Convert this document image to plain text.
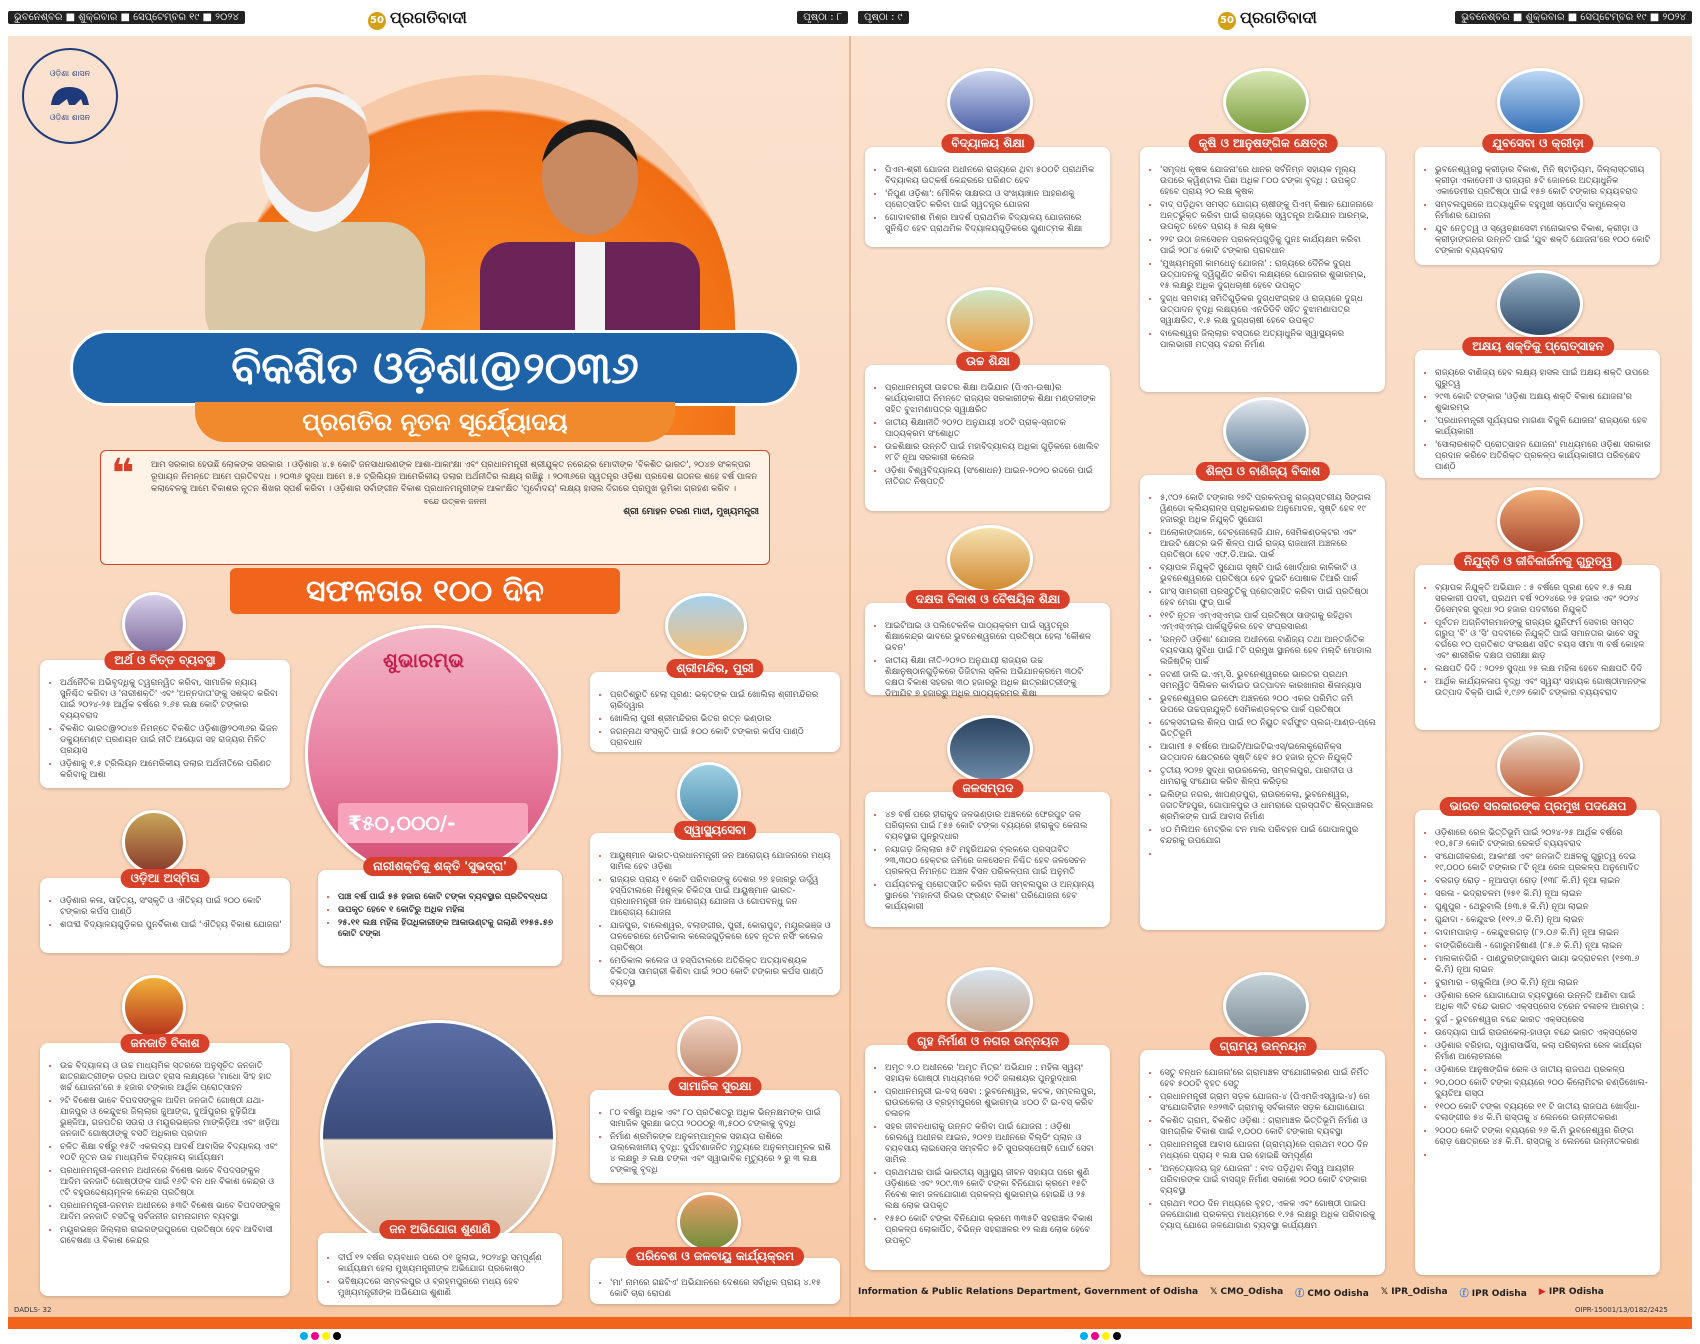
ଭୁବନେଶ୍ବର ■ ଶୁକ୍ରବାର ■ ସେପ୍ଟେମ୍ବର ୧୯ ■ ୨୦୨୪	50 ପ୍ରଗତିବାଦୀ	ପୃଷ୍ଠା : ୮	ପୃଷ୍ଠା : ୯	50 ପ୍ରଗତିବାଦୀ	ଭୁବନେଶ୍ବର ■ ଶୁକ୍ରବାର ■ ସେପ୍ଟେମ୍ବର ୧୯ ■ ୨୦୨୪
ଓଡ଼ିଶା ଶାସନ
ଓଡ଼ିଶା ଶାସନ
ବିକଶିତ ଓଡ଼ିଶା@୨୦୩୬
ପ୍ରଗତିର ନୂତନ ସୂର୍ଯ୍ୟୋଦୟ
❝ ଆମ ସରକାର ହେଉଛି ଲୋକଙ୍କ ସରକାର । ଓଡ଼ିଶାର ୪.୫ କୋଟି ଜନସାଧାରଣଙ୍କ ଆଶା-ଆକାଂକ୍ଷା ଏବଂ ପ୍ରଧାନମନ୍ତ୍ରୀ ଶ୍ରୀଯୁକ୍ତ ନରେନ୍ଦ୍ର ମୋଦୀଙ୍କ 'ବିକଶିତ ଭାରତ', ୨୦୪୭ ସଂକଳ୍ପର ରୂପାୟନ ନିମନ୍ତେ ଆମେ ପ୍ରତିବଦ୍ଧ । ୨୦୩୬ ସୁଦ୍ଧା ଆମେ ୫.୫ ଟ୍ରିଲିୟନ ଆମେରିକୀୟ ଡଲାର ଅର୍ଥନୀତିର ଲକ୍ଷ୍ୟ ରଖିଛୁ । ୨୦୩୬ରେ ସ୍ୱତନ୍ତ୍ର ଓଡ଼ିଶା ପ୍ରଦେଶ ଗଠନର ଶହେ ବର୍ଷ ପାଳନ କଲାବେଳକୁ ଆମେ ବିକାଶର ନୂତନ ଶିଖର ସ୍ପର୍ଶ କରିବା । ଓଡ଼ିଶାର ସର୍ବାଙ୍ଗୀନ ବିକାଶ ପ୍ରଧାନମନ୍ତ୍ରୀଙ୍କ ଆକାଂକ୍ଷିତ 'ପୂର୍ବୋଦୟ' ଲକ୍ଷ୍ୟ ହାସଲ ଦିଗରେ ପ୍ରମୁଖ ଭୂମିକା ଗ୍ରହଣ କରିବ ।
ବନ୍ଦେ ଉତ୍କଳ ଜନନୀ
ଶ୍ରୀ ମୋହନ ଚରଣ ମାଝୀ, ମୁଖ୍ୟମନ୍ତ୍ରୀ
ସଫଳତାର ୧୦୦ ଦିନ
• ଅର୍ଥନୈତିକ ଅଭିବୃଦ୍ଧିକୁ ତ୍ୱରାନ୍ୱିତ କରିବା, ସାମାଜିକ ନ୍ୟାୟ ସୁନିଶ୍ଚିତ କରିବା ଓ 'ନାରୀଶକ୍ତି' ଏବଂ 'ଅନ୍ନଦାତା'ଙ୍କୁ ସଶକ୍ତ କରିବା ପାଇଁ ୨୦୨୪-୨୫ ଆର୍ଥିକ ବର୍ଷରେ ୨.୬୫ ଲକ୍ଷ କୋଟି ଟଙ୍କାର ବ୍ୟୟବରାଦ
• ବିକଶିତ ଭାରତ@୨୦୪୭ ନିମନ୍ତେ ବିକଶିତ ଓଡ଼ିଶା@୨୦୩୬ର ଭିଜନ ଡକ୍ୟୁମେଣ୍ଟ ପ୍ରଣୟନ ପାଇଁ ନୀତି ଆୟୋଗ ସହ ରାଜ୍ୟର ମିଳିତ ପ୍ରୟାସ
• ଓଡ଼ିଶାକୁ ୧.୫ ଟ୍ରିଲିୟନ ଆମେରିକୀୟ ଡଲାର ଅର୍ଥନୀତିରେ ପରିଣତ କରିବାକୁ ଆଶା
ଅର୍ଥ ଓ ବିତ୍ତ ବ୍ୟବସ୍ଥା
• ଓଡ଼ିଶାର କଳା, ସାହିତ୍ୟ, ସଂସ୍କୃତି ଓ ଐତିହ୍ୟ ପାଇଁ ୨୦୦ କୋଟି ଟଙ୍କାର କର୍ପସ ପାଣ୍ଠି
• ଶତାବ୍ଦୀ ବିଦ୍ୟାଳୟଗୁଡ଼ିକର ପୁନର୍ବିକାଶ ପାଇଁ 'ଐତିହ୍ୟ ବିକାଶ ଯୋଜନା'
ଓଡ଼ିଆ ଅସ୍ମିତା
• ଉଚ୍ଚ ବିଦ୍ୟାଳୟ ଓ ଉଚ୍ଚ ମାଧ୍ୟମିକ ସ୍ତରରେ ଅନୁସୂଚିତ ଜନଜାତି ଛାତ୍ରଛାତ୍ରୀଙ୍କ ଡ୍ରପ ଆଉଟ ହ୍ରାସ ଲକ୍ଷ୍ୟରେ 'ମାଧୋ ସିଂହ ହାତ ଖର୍ଚ୍ଚ ଯୋଜନା'ରେ ୫ ହଜାର ଟଙ୍କାର ଆର୍ଥିକ ପ୍ରୋତ୍ସାହନ
• ୨ଟି ବିଶେଷ ଭାବେ ବିପଦସଙ୍କୁଳ ଆଦିମ ଜନଜାତି ଗୋଷ୍ଠୀ ଯଥା- ଯାଜପୁର ଓ କେନ୍ଦୁଝର ଜିଲ୍ଲାର ଜୁଆଙ୍ଗ, ଦୁଆଁପୁରର ବୁଢ଼ିଗିଆ ଭୁଞ୍ଜିଆ, ଗଜପତିର ସଉରା ଓ ମୟୂରଭଞ୍ଜର ମାଙ୍କିଡ଼ିଆ ଏବଂ ଖଡ଼ିଆ ଜନଜାତି ଗୋଷ୍ଠୀଙ୍କୁ ବସତି ଅଧିକାର ପ୍ରଦାନ
• ଚଳିତ ଶିକ୍ଷା ବର୍ଷରୁ ୧୫ଟି ଏକଲବ୍ୟ ଆଦର୍ଶ ଆବାସିକ ବିଦ୍ୟାଳୟ ଏବଂ ୧୦ଟି ନୂତନ ଉଚ୍ଚ ମାଧ୍ୟମିକ ବିଦ୍ୟାଳୟ କାର୍ଯ୍ୟକ୍ଷମ
• ପ୍ରଧାନମନ୍ତ୍ରୀ-ଜନମନ ଅଧୀନରେ ବିଶେଷ ଭାବେ ବିପଦସଙ୍କୁଳ ଆଦିମ ଜନଜାତି ଗୋଷ୍ଠୀଙ୍କ ପାଇଁ ୧୬ଟି ବନ ଧନ ବିକାଶ କେନ୍ଦ୍ର ଓ ୯ଟି ବହୁଉଦ୍ଦେଶ୍ୟମୂଳକ କେନ୍ଦ୍ର ପ୍ରତିଷ୍ଠା
• ପ୍ରଧାନମନ୍ତ୍ରୀ-ଜନମନ ଅଧୀନରେ ୫୩ଟି ବିଶେଷ ଭାବେ ବିପଦସଙ୍କୁଳ ଆଦିମ ଜନଜାତି ବସତିକୁ ସର୍ବଜନୀନ ଗମନାଗମନ ବ୍ୟବସ୍ଥା
• ମୟୂରଭଞ୍ଜ ଜିଲ୍ଲାର ରାଇରଙ୍ଗପୁରରେ ପ୍ରତିଷ୍ଠା ହେବ ଆଦିବାସୀ ଗବେଷଣା ଓ ବିକାଶ କେନ୍ଦ୍ର
ଜନଜାତି ବିକାଶ
ଶୁଭାରମ୍ଭ
₹୫୦,୦୦୦/-
• ପାଞ୍ଚ ବର୍ଷ ପାଇଁ ୫୫ ହଜାର କୋଟି ଟଙ୍କା ବ୍ୟବସ୍ଥାର ପ୍ରତିବଦ୍ଧତା
• ଉପକୃତ ହେବେ ୧ କୋଟିରୁ ଅଧିକ ମହିଳା
• ୨୫.୧୧ ଲକ୍ଷ ମହିଳା ହିତାଧିକାରୀଙ୍କ ଆକାଉଣ୍ଟକୁ ଗଲାଣି ୧୨୫୫.୫୭ କୋଟି ଟଙ୍କା
ନାରୀଶକ୍ତିକୁ ଶକ୍ତି 'ସୁଭଦ୍ରା'
• ଦୀର୍ଘ ୧୨ ବର୍ଷର ବ୍ୟବଧାନ ପରେ ୦୧ ଜୁଲାଇ, ୨୦୨୪ରୁ ସମ୍ପୂର୍ଣ୍ଣ କାର୍ଯ୍ୟକ୍ଷମ ହେଲା ମୁଖ୍ୟମନ୍ତ୍ରୀଙ୍କ ଅଭିଯୋଗ ପ୍ରକୋଷ୍ଠ
• ଭବିଷ୍ୟତରେ ସମ୍ବଲପୁର ଓ ବ୍ରହ୍ମପୁରରେ ମଧ୍ୟ ହେବ ମୁଖ୍ୟମନ୍ତ୍ରୀଙ୍କ ଅଭିଯୋଗ ଶୁଣାଣି
ଜନ ଅଭିଯୋଗ ଶୁଣାଣି
• ପ୍ରତିଶ୍ରୁତି ହେଲା ପୂରଣ: ଭକ୍ତଙ୍କ ପାଇଁ ଖୋଲିଲା ଶ୍ରୀମନ୍ଦିରର ଚାରିଦ୍ୱାର
• ଖୋଲିଲା ପୁରୀ ଶ୍ରୀମନ୍ଦିରର ଭିତର ରତ୍ନ ଭଣ୍ଡାର
• ଜଗନ୍ନାଥ ସଂସ୍କୃତି ପାଇଁ ୫୦୦ କୋଟି ଟଙ୍କାର କର୍ପସ ପାଣ୍ଠି ପ୍ରାବଧାନ
ଶ୍ରୀମନ୍ଦିର, ପୁରୀ
• ଆୟୁଷ୍ମାନ ଭାରତ-ପ୍ରଧାନମନ୍ତ୍ରୀ ଜନ ଆରୋଗ୍ୟ ଯୋଜନାରେ ମଧ୍ୟ ସାମିଲ ହେବ ଓଡ଼ିଶା
• ରାଜ୍ୟର ପ୍ରାୟ ୧ କୋଟି ପରିବାରଙ୍କୁ ଦେଶର ୨୭ ହଜାରରୁ ଊର୍ଦ୍ଧ୍ୱ ହସ୍ପିଟାଲରେ ନିଃଶୁଳ୍କ ଚିକିତ୍ସା ପାଇଁ ଆୟୁଷ୍ମାନ ଭାରତ-ପ୍ରଧାନମନ୍ତ୍ରୀ ଜନ ଆରୋଗ୍ୟ ଯୋଜନା ଓ ଗୋପବନ୍ଧୁ ଜନ ଆରୋଗ୍ୟ ଯୋଜନା
• ଯାଜପୁର, ବାଲେଶ୍ୱର, ବଲାଙ୍ଗୀର, ପୁରୀ, କୋରାପୁଟ, ମୟୂରଭଞ୍ଜ ଓ ତାଳଚେରରେ ମେଡିକାଲ କଲେଜଗୁଡ଼ିକରେ ହେବ ନୂତନ ନର୍ସିଂ କଲେଜ ପ୍ରତିଷ୍ଠା
• ମେଡିକାଲ କଲେଜ ଓ ହସ୍ପିଟାଲରେ ଅତିରିକ୍ତ ଅତ୍ୟାବଶ୍ୟକ ଚିକିତ୍ସା ସାମଗ୍ରୀ କିଣିବା ପାଇଁ ୨୦୦ କୋଟି ଟଙ୍କାର କର୍ପସ ପାଣ୍ଠି ବ୍ୟବସ୍ଥା
ସ୍ୱାସ୍ଥ୍ୟସେବା
• ୮୦ ବର୍ଷରୁ ଅଧିକ ଏବଂ ୮୦ ପ୍ରତିଶତରୁ ଅଧିକ ଭିନ୍ନକ୍ଷମଙ୍କ ପାଇଁ ସାମାଜିକ ସୁରକ୍ଷା ଭତ୍ତା ୨୦୦୦ରୁ ୩,୫୦୦ ଟଙ୍କାକୁ ବୃଦ୍ଧି
• ନିର୍ମାଣ ଶ୍ରମିକଙ୍କ ଅନୁକମ୍ପାମୂଳକ ସହାୟତା ରାଶିରେ ଉଲ୍ଲେଖନୀୟ ବୃଦ୍ଧି: ଦୁର୍ଘଟଣାଜନିତ ମୃତ୍ୟୁରେ ଅନୁକମ୍ପାମୂଳକ ରାଶି ୪ ଲକ୍ଷରୁ ୬ ଲକ୍ଷ ଟଙ୍କା ଏବଂ ସ୍ୱାଭାବିକ ମୃତ୍ୟୁରେ ୨ ରୁ ୩ ଲକ୍ଷ ଟଙ୍କାକୁ ବୃଦ୍ଧି
ସାମାଜିକ ସୁରକ୍ଷା
• 'ମା' ନାମରେ ଗଛଟିଏ' ଅଭିଯାନରେ ଦେଶରେ ସର୍ବାଧିକ ପ୍ରାୟ ୪.୧୫ କୋଟି ଚାରା ରୋପଣ
ପରିବେଶ ଓ ଜଳବାୟୁ କାର୍ଯ୍ୟକ୍ରମ
• ପିଏମ-ଶ୍ରୀ ଯୋଜନା ଅଧୀନରେ ରାଜ୍ୟରେ ଥିବା ୫୦୦ଟି ପ୍ରାଥମିକ ବିଦ୍ୟାଳୟ ଉତ୍କର୍ଷ କେନ୍ଦ୍ରରେ ପରିଣତ ହେବ
• 'ନିପୁଣ ଓଡ଼ିଶା': ମୌଳିକ ସାକ୍ଷରତା ଓ ସଂଖ୍ୟାଜ୍ଞାନ ଆହରଣକୁ ପ୍ରୋତ୍ସାହିତ କରିବା ପାଇଁ ସ୍ୱତନ୍ତ୍ର ଯୋଜନା
• ଗୋଦାବରୀଶ ମିଶ୍ର ଆଦର୍ଶ ପ୍ରାଥମିକ ବିଦ୍ୟାଳୟ ଯୋଜନାରେ ସୁନିଶ୍ଚିତ ହେବ ପ୍ରାଥମିକ ବିଦ୍ୟାଳୟଗୁଡ଼ିକରେ ଗୁଣାତ୍ମକ ଶିକ୍ଷା
ବିଦ୍ୟାଳୟ ଶିକ୍ଷା
• ପ୍ରଧାନମନ୍ତ୍ରୀ ଉଚ୍ଚତର ଶିକ୍ଷା ଅଭିଯାନ (ପିଏମ-ଉଷା)ର କାର୍ଯ୍ୟକାରୀତା ନିମନ୍ତେ ରାଜ୍ୟର ସରକାରୀଙ୍କ ଶିକ୍ଷା ମଣ୍ଡଳୀଙ୍କ ସହିତ ବୁଝାମଣାପତ୍ର ସ୍ୱାକ୍ଷରିତ
• ଜାତୀୟ ଶିକ୍ଷାନୀତି ୨୦୨୦ ଅନୁଯାୟୀ ୪୦ଟି ପ୍ରାକ୍-ସ୍ନାତକ ପାଠ୍ୟକ୍ରମ ସଂଶୋଧିତ
• ଉଚ୍ଚଶିକ୍ଷାର ଉନ୍ନତି ପାଇଁ ମହାବିଦ୍ୟାଳୟ ଅଧିକା ଗୁଡ଼ିକରେ ଖୋଲିବ ୧୮ଟି ନୂଆ ସରକାରୀ କଲେଜ
• ଓଡ଼ିଶା ବିଶ୍ୱବିଦ୍ୟାଳୟ (ସଂଶୋଧନ) ଆଇନ-୨୦୨୦ ରଦ୍ଦରେ ପାଇଁ ନୀତିଗତ ନିଷ୍ପତ୍ତି
ଉଚ୍ଚ ଶିକ୍ଷା
• ଆଇଟିଆଇ ଓ ପଲିଟେକନିକ ପାଠ୍ୟକ୍ରମ ପାଇଁ ସ୍ୱତନ୍ତ୍ର ଶିକ୍ଷାକେନ୍ଦ୍ର ଭାବରେ ଭୁବନେଶ୍ୱରରେ ପ୍ରତିଷ୍ଠା ହେଲା 'କୌଶଳ ଭବନ'
• ଜାତୀୟ ଶିକ୍ଷା ନୀତି-୨୦୨୦ ଅନୁଯାୟୀ ରାଜ୍ୟର ଉଚ୍ଚ ଶିକ୍ଷାନୁଷ୍ଠାନଗୁଡ଼ିକରେ ଡିଜିଟାଲ ସ୍କିଲ ଅଭିଯାନକ୍ରମେ ୩୦ଟି ଦକ୍ଷତା ବିକାଶ ସହରର ୩୦ ହଜାରରୁ ଅଧିକ ଛାତ୍ରଛାତ୍ରୀଙ୍କୁ ଡିଆଯିବ ୭ ହଜାରରୁ ଅଧିକ ପାଠ୍ୟକ୍ରମର ଶିକ୍ଷା
ଦକ୍ଷତା ବିକାଶ ଓ ବୈଷୟିକ ଶିକ୍ଷା
• ୪୭ ବର୍ଷ ପରେ ହୀରାକୁଦ ଜଳଭଣ୍ଡାର ଅଞ୍ଚଳରେ ଫେରପୁଟ ଜଳ ପରିଚାଳନା ପାଇଁ ୮୫୫ କୋଟି ଟଙ୍କା ବ୍ୟୟରେ ହୀରାକୁଦ କେନାଲ ବ୍ୟବସ୍ଥାର ପୁନରୁଦ୍ଧାର
• ନୟାଗଡ଼ ଜିଲ୍ଲାର ୫ଟି ମହୁରିଅନ୍ଦର ବ୍ଲକରେ ପ୍ରସ୍ତାବିତ ୨୩,୩୦୦ ହେକ୍ଟର ଜମିରେ ଜଳସେଚନ ନିଶ୍ଚିତ ହେବ ଜଳସେଚନ ପ୍ରକଳ୍ପ ନିମନ୍ତେ ଅଞ୍ଚଳ ବିସନ ପରିକଳ୍ପନା ପାଇଁ ଅନୁମତି
• ପର୍ଯ୍ୟଟନକୁ ପ୍ରୋତ୍ସାହିତ କରିବା ଲାଗି ସମ୍ବଲପୁର ଓ ଅନ୍ୟାନ୍ୟ ସ୍ଥାନରେ 'ମହାନଦୀ ରିଭର ଫ୍ରଣ୍ଟ ବିକାଶ' ପରିଯୋଜନା ହେବ କାର୍ଯ୍ୟକାରୀ
ଜଳସମ୍ପଦ
• ଅମୃତ ୨.୦ ଅଧୀନରେ 'ଅମୃତ ମିତ୍ର' ଅଭିଯାନ : ମହିଳା ସ୍ୱୟଂ ସହାୟକ ଗୋଷ୍ଠୀ ମାଧ୍ୟମରେ ୨୦ଟି ଜଳାଶୟର ପୁନରୁଦ୍ଧାର
• ପ୍ରଧାନମନ୍ତ୍ରୀ ଇ-ବସ୍ ସେବା : ଭୁବନେଶ୍ୱର, କଟକ, ସମ୍ବଲପୁର, ରାଉରକେଲା ଓ ବ୍ରହ୍ମପୁରରେ ଶୁଭାରମ୍ଭ ୪୦୦ ଟି ଇ-ବସ୍ କରିବ ଚଳାଚଳ
• ସହର ଜୀବନଧାରାକୁ ଉନ୍ନତ କରିବା ପାଇଁ ଯୋଜନା : ଓଡ଼ିଶା ରେଲୱେ ଅଧୀନର ଆଇନ, ୨୦୧୭ ଅଧୀନରେ ବିଲ୍ଡିଂ ପ୍ଲାନ ଓ ବ୍ୟବସାୟ ଲାଇସେନ୍ସ ସମ୍ବଳିତ ୫ଟି ସୁପରସ୍ପେଷ୍ଟି ପୋର୍ଟ ସେବା ସାମିଲ
• ପ୍ରଥମଥର ପାଇଁ ଭାରତୀୟ ସ୍ୱାସ୍ଥ୍ୟ ଜୀବନ ସହାୟତା ପରେ ଶୁଣି ଓଡ଼ିଶାରେ ଏବଂ ୨୦୯.୩୨ କୋଟି ଟଙ୍କା ବିନିଯୋଗ କ୍ରମେ ୧୫ଟି ନିବେଶ କାମ ଜଳଯୋଗାଣ ପ୍ରକଳ୍ପ ଶୁଭାରମ୍ଭ ହୋଇଛି ଓ ୨୫ ଲକ୍ଷ ଲୋକ ଉପକୃତ
• ୧୫୫୦ କୋଟି ଟଙ୍କା ବିନିଯୋଗ କ୍ରମେ ୩୩୫ଟି ସହରାଞ୍ଚଳ ବିକାଶ ପ୍ରକଳ୍ପ ଲୋକାର୍ପିତ, ବିଭିନ୍ନ ସହରାଞ୍ଚଳର ୧୨ ଲକ୍ଷ ଲୋକ ହେବେ ଉପକୃତ
ଗୃହ ନିର୍ମାଣ ଓ ନଗର ଉନ୍ନୟନ
• 'ସମୃଦ୍ଧ କୃଷକ ଯୋଜନା'ରେ ଧାନର ସର୍ବନିମ୍ନ ସହାୟକ ମୂଲ୍ୟ ଉପରେ କ୍ୱିଣ୍ଟାଲ ପିଛା ଅଧିକ ୮୦୦ ଟଙ୍କା ବୃଦ୍ଧି : ଉପକୃତ ହେବେ ପ୍ରାୟ ୨୦ ଲକ୍ଷ କୃଷକ
• ବାଦ୍ ପଡ଼ିଥିବା ସମସ୍ତ ଯୋଗ୍ୟ ଚାଷୀଙ୍କୁ ପିଏମ୍ କିଷାନ ଯୋଜନାରେ ଅନ୍ତର୍ଭୁକ୍ତ କରିବା ପାଇଁ ରାଜ୍ୟରେ ସ୍ୱତନ୍ତ୍ର ଅଭିଯାନ ଆରମ୍ଭ, ଉପକୃତ ହେବେ ପ୍ରାୟ ୫ ଲକ୍ଷ କୃଷକ
• ୨୨ଟ ଉଠା ଜଳସେଚନ ପ୍ରକଳ୍ପଗୁଡ଼ିକୁ ପୁନଃ କାର୍ଯ୍ୟକ୍ଷମ କରିବା ପାଇଁ ୨୦୮୪ କୋଟି ଟଙ୍କାର ପ୍ରାବଧାନ
• 'ମୁଖ୍ୟମନ୍ତ୍ରୀ କାମଧେନୁ ଯୋଜନା' : ରାଜ୍ୟରେ ଦୈନିକ ଦୁଗ୍ଧ ଉତ୍ପାଦନକୁ ଦ୍ୱିଗୁଣିତ କରିବା ଲକ୍ଷ୍ୟରେ ଯୋଜନାର ଶୁଭାରମ୍ଭ, ୧୫ ଲକ୍ଷରୁ ଅଧିକ ଦୁଗ୍ଧଚାଷୀ ହେବେ ଉପକୃତ
• ଦୁଗ୍ଧ ସମବାୟ ସମିତିଗୁଡ଼ିକର ଦୁଗ୍ଧସଂଗ୍ରହ ଓ ରାଜ୍ୟରେ ଦୁଗ୍ଧ ଉତ୍ପାଦନ ବୃଦ୍ଧି ଲକ୍ଷ୍ୟରେ ଏନଡିଡିବି ସହିତ ବୁଝାମଣାପତ୍ର ସ୍ୱାକ୍ଷରିତ, ୧.୫ ଲକ୍ଷ ଦୁଗ୍ଧଚାଷୀ ହେବେ ଉପକୃତ
• ବାଲେଶ୍ୱର ଜିଲ୍ଲାର ବସ୍ତାରେ ଅତ୍ୟାଧୁନିକ ସ୍ୱାସ୍ଥ୍ୟକର ପାଲଭାରୀ ମତ୍ସ୍ୟ ବନ୍ଦର ନିର୍ମାଣ
କୃଷି ଓ ଆନୁଷଙ୍ଗିକ କ୍ଷେତ୍ର
• ୫,୯୦୨ କୋଟି ଟଙ୍କାର ୨୭ଟି ପ୍ରକଳ୍ପକୁ ରାଜ୍ୟସ୍ତରୀୟ ସିଙ୍ଗଲ ୱିଣ୍ଡୋ କ୍ଲିୟରାନ୍ସ ପ୍ରାଧିକରଣର ଅନୁମୋଦନ, ସୃଷ୍ଟି ହେବ ୧୯ ହଜାରରୁ ଅଧିକ ନିଯୁକ୍ତି ସୁଯୋଗ
• ଅଲୋକାଙ୍ଗାଳେ, ଟେଚ୍ନୋଲୋଜି ଯାନ, ସେମିକଣ୍ଡକ୍ଟର ଏବଂ ଆଉଟି କ୍ଷେତ୍ର ଭଳି ଶିଳ୍ପ ପାଇଁ ରାଜ୍ୟ ରାଜଧାନୀ ଅଞ୍ଚଳରେ ପ୍ରତିଷ୍ଠା ହେବ ଏଫ୍.ଡି.ଆଇ. ପାର୍କ
• ବ୍ୟାପକ ନିଯୁକ୍ତି ସୁଯୋଗ ସୃଷ୍ଟି ପାଇଁ ଖୋର୍ଦ୍ଧାର କାଳିକାଟି ଓ ଭୁବନେଶ୍ୱରରେ ପ୍ରତିଷ୍ଠା ହେବ ଦୁଇଟି ପୋଷାକ ତିଆରି ପାର୍କ
• ଗାଂସ୍ ସାମଗ୍ରୀ ପ୍ରସ୍ତୁତିକୁ ପ୍ରୋତ୍ସାହିତ କରିବା ପାଇଁ ପ୍ରତିଷ୍ଠା ହେବ ମେଗା ଫୁଡ୍ ପାର୍କ
• ୧୧ଟି ନୂତନ ଏମ୍‌ଏସ୍‌ଏମ୍‌ଇ ପାର୍କ ପ୍ରତିଷ୍ଠା ସାଙ୍ଗକୁ ରହିଥିବା ଏମ୍‌ଏସ୍‌ଏମ୍‌ଇ ପାର୍କଗୁଡ଼ିକର ହେବ ସଂପ୍ରସାରଣ
• 'ଉନ୍ନତି ଓଡ଼ିଶା' ଯୋଜନା ଅଧୀନରେ ବାଣିଜ୍ୟ ତଥା ଆନ୍ତର୍ଜାତିକ ବ୍ୟବସାୟ ସୁବିଧା ପାଇଁ ୮ଟି ପ୍ରମୁଖ ସ୍ଥାନରେ ହେବ ମଲ୍ଟି ମୋଡାଲ ଲଜିଷ୍ଟିକ୍ ପାର୍କ
• ଜଟଣୀ ଡାଲି ଇ.ଏମ୍.ସି. ଭୁବନେଶ୍ୱରରେ ଭାରତର ପ୍ରଥମ ସମନ୍ୱିତ ସିଲିକନ କାର୍ବାଇଡ ଉତ୍ପାଦନ କାରଖାନାର ଶିଳାନ୍ୟାସ
• ଭୁବନେଶ୍ୱରର ଇନଫୋ ଅଞ୍ଚଳରେ ୨୦୦ ଏକର ପରିମିତ ଜମି ଉପରେ ଉଚ୍ଚପ୍ରଯୁକ୍ତି ସେମିକଣ୍ଡକ୍ଟର ପାର୍କ ପ୍ରତିଷ୍ଠା
• ଟେକ୍ସଟାଇଲ ଶିଳ୍ପ ପାଇଁ ୧୦ ନିୟୁତ ବର୍ଗଫୁଟ ପ୍ଲଗ୍-ଆଣ୍ଡ-ପ୍ଲେ ଭିତ୍ତିଭୂମି
• ଆଗାମୀ ୫ ବର୍ଷରେ ଆଇଟି/ଆଇଟିଇଏସ୍/ଇଲେକ୍ଟ୍ରୋନିକ୍ସ ଉତ୍ପାଦନ କ୍ଷେତ୍ରରେ ସୃଷ୍ଟି ହେବ ୫୦ ହଜାର ନୂତନ ନିଯୁକ୍ତି
• ତୃତୀୟ ୨୦୨୭ ସୁଦ୍ଧା ରାଉରକେଲା, ସମ୍ବଲପୁର, ପାରାଦୀପ ଓ ଧାମରାକୁ ସଂଯୋଗ କରିବ ଶିଳ୍ପ କରିଡ଼ର
• ଇଲିଙ୍ଗ ନଗର, ଖାପଣ୍ଡପୁରା, ରାଉରକେଲା, ଭୁବନେଶ୍ୱର, ଜଗତସିଂହପୁର, ଗୋପାଳପୁର ଓ ଧାମରାରେ ପ୍ରସ୍ତାବିତ ଶିଳ୍ପାଞ୍ଚଳର ଶ୍ରମିକଙ୍କ ପାଇଁ ଆବାସ ନିର୍ମାଣ
• ୪୦ ମିଲିଅନ ମେଟ୍ରିକ ଟନ ମାଲ ପରିବହନ ପାଇଁ ଗୋପାଳପୁର ବନ୍ଦରକୁ ଉପଯୋଗ
•
ଶିଳ୍ପ ଓ ବାଣିଜ୍ୟ ବିକାଶ
• ସେତୁ ବନ୍ଧନ ଯୋଜନା'ରେ ଗ୍ରାମାଞ୍ଚଳ ସଂଯୋଗୀକରଣ ପାଇଁ ନିର୍ମିତ ହେବ ୫୦୦ଟି ବୃହତ ସେତୁ
• ପ୍ରଧାନମନ୍ତ୍ରୀ ଗ୍ରାମ ସଡ଼କ ଯୋଜନା-୪ (ପିଏମଜିଏସୱାଇ-୪) ରେ ସଂଯୋଗବିହୀନ ୧୬୨୩ଟି ଗ୍ରାମକୁ ସର୍ବକାଳୀନ ସଡ଼କ ଯୋଗାଯୋଗ
• ବିକଶିତ ଗ୍ରାମ, ବିକଶିତ ଓଡ଼ିଶା : ଗ୍ରାମାଞ୍ଚଳ ଭିତ୍ତିଭୂମି ନିର୍ମାଣ ଓ ସାମଗ୍ରିକ ବିକାଶ ପାଇଁ ୧,୦୦୦ କୋଟି ଟଙ୍କାର ବ୍ୟବସ୍ଥା
• ପ୍ରଧାନମନ୍ତ୍ରୀ ଆବାସ ଯୋଜନା (ଗ୍ରାମ୍ୟ)ରେ ପ୍ରଥମ ୧୦୦ ଦିନ ମଧ୍ୟରେ ପ୍ରାୟ ୧ ଲକ୍ଷ ଘର ହୋଇଛି ସମ୍ପୂର୍ଣ୍ଣ
• 'ଅନ୍ତ୍ୟୋଦୟ ଗୃହ ଯୋଜନା' : ବାଦ ପଡ଼ିଥିବା ନିସ୍ୱ ଆୟହୀନ ପରିବାରଙ୍କ ପାଇଁ ବାସଗୃହ ନିର୍ମାଣ ସକାଶେ ୨୦୦ କୋଟି ଟଙ୍କାର ବ୍ୟବସ୍ଥା
• ପ୍ରଥମ ୧୦୦ ଦିନ ମଧ୍ୟରେ ବୃହତ, ଏକକ ଏବଂ ଗୋଷ୍ଠୀ ପାଇପ ଜଳଯୋଗାଣ ପ୍ରକଳ୍ପ ମାଧ୍ୟମରେ ୧.୨୫ ଲକ୍ଷରୁ ଅଧିକ ପରିବାରକୁ ଟ୍ୟାପ୍ ଯୋଗେ ଜଳଯୋଗାଣ ବ୍ୟବସ୍ଥା କାର୍ଯ୍ୟକ୍ଷମ
ଗ୍ରାମ୍ୟ ଉନ୍ନୟନ
• ଭୁବନେଶ୍ୱରସ୍ଥ କ୍ରୀଡ଼ାର ବିକାଶ, ମିନି ଷ୍ଟାଡ଼ିୟମ, ଜିଲ୍ଲାସ୍ତରୀୟ କ୍ରୀଡ଼ା ଏକାଡେମୀ ଓ ରାଜ୍ୟର ୫ଟି ଜୋନରେ ଅତ୍ୟାଧୁନିକ ଏକାଡେମୀର ପ୍ରତିଷ୍ଠା ପାଇଁ ୧୫୭ କୋଟି ଟଙ୍କାର ବ୍ୟୟବରାଦ
• ସମ୍ବଲପୁରରେ ଅତ୍ୟାଧୁନିକ ବହୁମୁଖୀ ସ୍ପୋର୍ଟ୍ସ କମ୍ପ୍ଲେକ୍ସ ନିର୍ମାଣର ଯୋଜନା
• ଯୁବ ନେତୃତ୍ୱ ଓ ସ୍ୱେଚ୍ଛାସେବୀ ମନୋଭାବର ବିକାଶ, କ୍ରୀଡ଼ା ଓ କ୍ରୀଡ଼ାଙ୍ଗନର ଉନ୍ନତି ପାଇଁ 'ଯୁବ ଶକ୍ତି ଯୋଜନା'ରେ ୧୦୦ କୋଟି ଟଙ୍କାର ବ୍ୟୟବରାଦ
ଯୁବସେବା ଓ କ୍ରୀଡ଼ା
• ରାଜ୍ୟରେ ବାଣିଜ୍ୟ ହେବ ଲକ୍ଷ୍ୟ ହାସଲ ପାଇଁ ଅକ୍ଷୟ ଶକ୍ତି ଉପରେ ଗୁରୁତ୍ୱ
• ୨୯୩ କୋଟି ଟଙ୍କାର 'ଓଡ଼ିଶା ଅକ୍ଷୟ ଶକ୍ତି ବିକାଶ ଯୋଜନା'ର ଶୁଭାରମ୍ଭ
• 'ପ୍ରଧାନମନ୍ତ୍ରୀ ସୂର୍ଯ୍ୟଘର ମାଗଣା ବିଜୁଳି ଯୋଜନା' ରାଜ୍ୟରେ ହେବ କାର୍ଯ୍ୟକାରୀ
• 'ସୋଲାରଶକ୍ତି ପ୍ରୋତ୍ସାହନ ଯୋଜନା' ମାଧ୍ୟମରେ ଓଡ଼ିଶା ସରକାର ପ୍ରଦାନ କରିବେ ଅତିରିକ୍ତ ପ୍ରକଳ୍ପ କାର୍ଯ୍ୟକାରୀତା ପରିଚ୍ଛେଦ ପାଣ୍ଠି
ଅକ୍ଷୟ ଶକ୍ତିକୁ ପ୍ରୋତ୍ସାହନ
• ବ୍ୟାପକ ନିଯୁକ୍ତି ଅଭିଯାନ : ୫ ବର୍ଷରେ ପୂରଣ ହେବ ୧.୫ ଲକ୍ଷ ସରକାରୀ ପଦବୀ, ପ୍ରଥମ ବର୍ଷ ୨୦୨୪ରେ ୨୫ ହଜାର ଏବଂ ୨୦୨୪ ଡିସେମ୍ବର ସୁଦ୍ଧା ୨୦ ହଜାର ପଦବୀରେ ନିଯୁକ୍ତି
• ପୂର୍ବତନ ଅଗ୍ନିବୀରମାନଙ୍କୁ ରାଜ୍ୟର ୟୁନିଫର୍ମ ସେବାର ସମସ୍ତ ଗ୍ରୁପ୍ 'ବି' ଓ 'ସି' ପଦବୀରେ ନିଯୁକ୍ତି ପାଇଁ ସମାନତାର ଭାବେ ସବୁ ବର୍ଗରେ ୧୦ ପ୍ରତିଶତ ସଂରକ୍ଷଣ ସହିତ ବୟସ ସୀମା ୩ ବର୍ଷ କୋହଳ ଏବଂ ଶାରୀରିକ ଦକ୍ଷତା ପରୀକ୍ଷା ଛାଡ଼
• ଲକ୍ଷପତି ଦିଦି : ୨୦୨୭ ସୁଦ୍ଧା ୨୫ ଲକ୍ଷ ମହିଳା ହେବେ ଲକ୍ଷପତି ଦିଦି
• ଆର୍ଥିକ କାର୍ଯ୍ୟକଳାପ ବୃଦ୍ଧି ଏବଂ ସ୍ୱୟଂ ସହାୟକ ଗୋଷ୍ଠୀମାନଙ୍କ ଉତ୍ପାଦ ବିକ୍ରି ପାଇଁ ୧,୯୬୨ କୋଟି ଟଙ୍କାର ବ୍ୟୟବରାଦ
ନିଯୁକ୍ତି ଓ ଜୀବିକାର୍ଜନକୁ ଗୁରୁତ୍ୱ
• ଓଡ଼ିଶାରେ ରେଳ ଭିତ୍ତିଭୂମି ପାଇଁ ୨୦୨୪-୨୫ ଆର୍ଥିକ ବର୍ଷରେ ୧୦,୫୮୬ କୋଟି ଟଙ୍କାର ରେକର୍ଡ ବ୍ୟୟବରାଦ
• ସଂଯୋଗୀକରଣ, ଆକାଂକ୍ଷୀ ଏବଂ ଜନଜାତି ଅଞ୍ଚଳକୁ ଗୁରୁତ୍ୱ ଦେଇ ୧୯,୦୦୦ କୋଟି ଟଙ୍କାର ୮ଟି ନୂଆ ରେଳ ପ୍ରକଳ୍ପ ଅନୁମୋଦିତ
• ବରଗଡ଼ ରୋଡ଼ - ନୂଆପଡ଼ା ରୋଡ଼ (୧୩୮ କି.ମି) ନୂଆ ଲାଇନ
• ସରଳା - ଭଦ୍ରାଚଳମ (୨୫୧ କି.ମି) ନୂଆ ଲାଇନ
• ଗୁଣୁପୁର - ଥେରୁବାଲି (୭୩.୫ କି.ମି) ନୂଆ ଲାଇନ
• ଗୁନ୍ଦାଦା - କେନ୍ଦୁଝର (୧୧୨.୬ କି.ମି) ନୂଆ ଲାଇନ
• ବାଦାମପାହାଡ଼ - କେନ୍ଦୁଝରଗଡ଼ (୮୨.୦୬ କି.ମି) ନୂଆ ଲାଇନ
• ବାଙ୍ଗିରିପୋଷି - ଗୋରୁମହିଷାଣୀ (୮୫.୬ କି.ମି) ନୂଆ ଲାଇନ
• ମାଲକାନଗିରି - ପାଣ୍ଡୁରଙ୍ଗାପୁରମ ଭାୟା ଭଦ୍ରାଚଳମ (୧୭୩.୬ କି.ମି) ନୂଆ ଲାଇନ
• ବୁରାମାରା - ଚାକୁଲିଆ (୬୦ କି.ମି) ନୂଆ ଲାଇନ
• ଓଡ଼ିଶାର ରେଳ ଯୋଗାଯୋଗ ବ୍ୟବସ୍ଥାରେ ଉନ୍ନତି ଆଣିବା ପାଇଁ ଅଧିକ ୩ଟି ବନ୍ଦେ ଭାରତ ଏକ୍ସପ୍ରେସ ଟ୍ରେନ ଚଳାଚଳ ଆରମ୍ଭ :
• ଦୁର୍ଗ - ଭୁବନେଶ୍ୱର ବନ୍ଦେ ଭାରତ ଏକ୍ସପ୍ରେସ
• ଉଦ୍ୟୋଗ ପାଇଁ ରାଉରକେଲା-ହାଓଡ଼ା ବନ୍ଦେ ଭାରତ ଏକ୍ସପ୍ରେସ
• ଓଡ଼ିଶାର ବରିହାଗ, ଦ୍ୱାରାସାର୍ଭିସ, କଲା ପରିଚାଳନା ରେଳ କାର୍ଯ୍ୟର ନିର୍ମାଣ ଆଲୋଚନାରେ
• ଓଡ଼ିଶାରେ ଆନୁଷଙ୍ଗିକ ରେଳ ଓ ଜାତୀୟ ରାଜପଥ ପ୍ରକଳ୍ପ
• ୨୦,୦୦୦ କୋଟି ଟଙ୍କା ବ୍ୟୟରେ ୨୦୦ କିଲୋମିଟର ଚଣ୍ଡିଖୋଲ-ଦ୍ୟୁଟିଆ ରାସ୍ତା
• ୧୧୦୦ କୋଟି ଟଙ୍କା ବ୍ୟୟରେ ୧୧ ଟି ଜାତୀୟ ରାଜପଥ ଖୋର୍ଦ୍ଧା-ବଲାଙ୍ଗୀର ୫୪ କି.ମି ରାସ୍ତାକୁ ୪ ଲେନରେ ଉନ୍ନୀତକରଣ
• ୨୦୦୦ କୋଟି ଟଙ୍କା ବ୍ୟୟରେ ୨୬ କି.ମି ଭୁବନେଶ୍ୱର ରିଙ୍ଗ ରୋଡ଼ କ୍ଷେତ୍ରରେ ୪୫ କି.ମି. ରାସ୍ତାକୁ ୪ ଲେନରେ ଉନ୍ନୀତକରଣ
•
ଭାରତ ସରକାରଙ୍କ ପ୍ରମୁଖ ପଦକ୍ଷେପ
Information & Public Relations Department, Government of Odisha 𝕏 CMO_Odisha ⓕ CMO Odisha 𝕏 IPR_Odisha ⓕ IPR Odisha ▶ IPR Odisha
DADLS- 32	OIPR-15001/13/0182/2425
